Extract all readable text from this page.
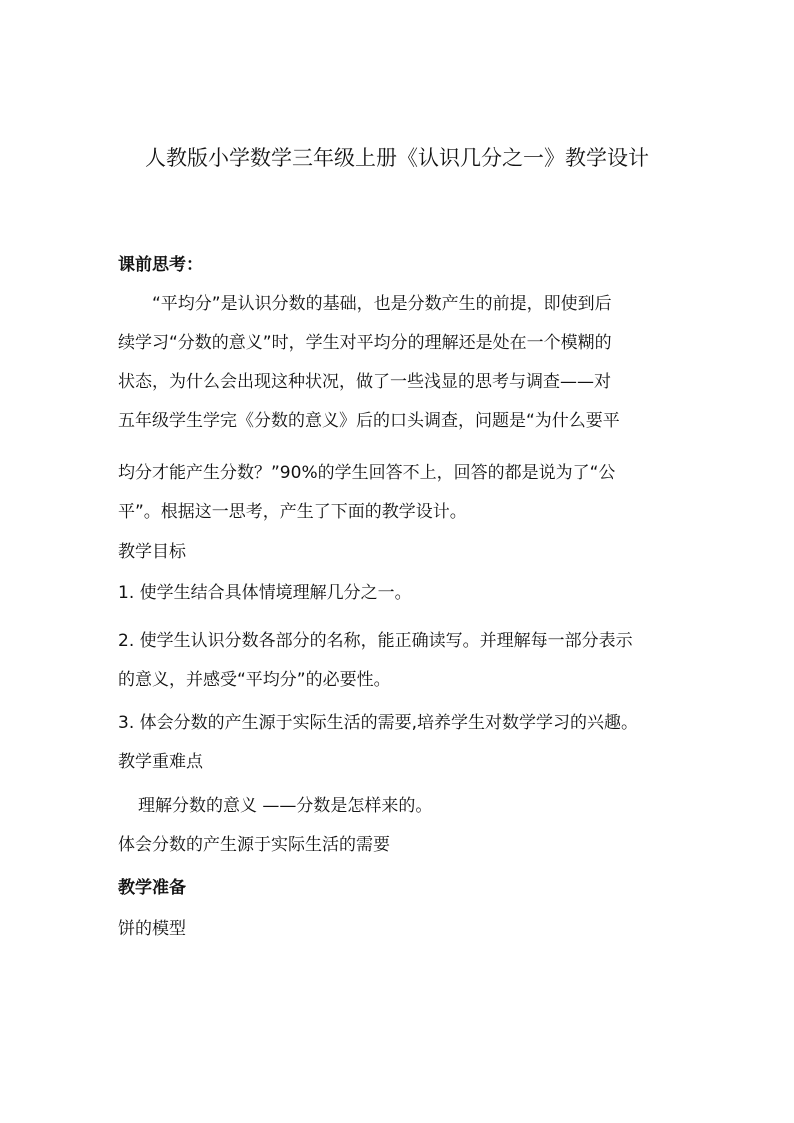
人教版小学数学三年级上册《认识几分之一》教学设计

课前思考：

“平均分”是认识分数的基础，也是分数产生的前提，即使到后

续学习“分数的意义”时，学生对平均分的理解还是处在一个模糊的

状态，为什么会出现这种状况，做了一些浅显的思考与调查——对

五年级学生学完《分数的意义》后的口头调查，问题是“为什么要平

均分才能产生分数？”90%的学生回答不上，回答的都是说为了“公

平”。根据这一思考，产生了下面的教学设计。

教学目标

1. 使学生结合具体情境理解几分之一。

2. 使学生认识分数各部分的名称，能正确读写。并理解每一部分表示

的意义，并感受“平均分”的必要性。

3. 体会分数的产生源于实际生活的需要,培养学生对数学学习的兴趣。

教学重难点

理解分数的意义 ——分数是怎样来的。

体会分数的产生源于实际生活的需要

教学准备

饼的模型
